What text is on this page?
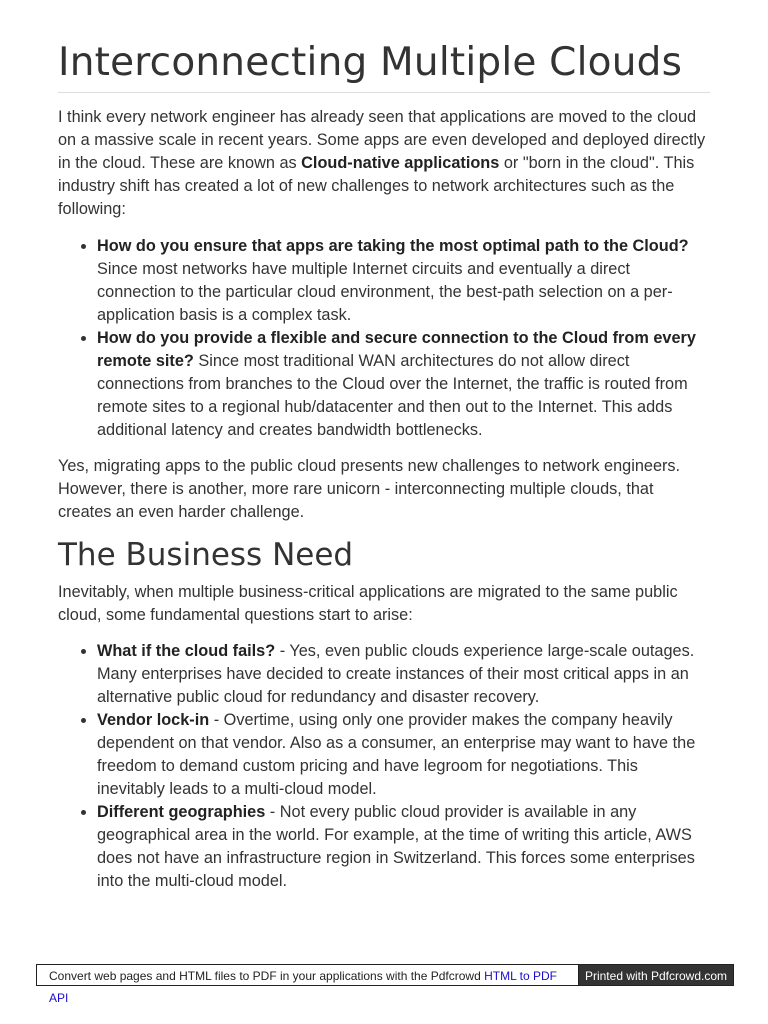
Interconnecting Multiple Clouds

I think every network engineer has already seen that applications are moved to the cloud on a massive scale in recent years. Some apps are even developed and deployed directly in the cloud. These are known as Cloud-native applications or "born in the cloud". This industry shift has created a lot of new challenges to network architectures such as the following:

• How do you ensure that apps are taking the most optimal path to the Cloud? Since most networks have multiple Internet circuits and eventually a direct connection to the particular cloud environment, the best-path selection on a per-application basis is a complex task.
• How do you provide a flexible and secure connection to the Cloud from every remote site? Since most traditional WAN architectures do not allow direct connections from branches to the Cloud over the Internet, the traffic is routed from remote sites to a regional hub/datacenter and then out to the Internet. This adds additional latency and creates bandwidth bottlenecks.

Yes, migrating apps to the public cloud presents new challenges to network engineers. However, there is another, more rare unicorn - interconnecting multiple clouds, that creates an even harder challenge.

The Business Need

Inevitably, when multiple business-critical applications are migrated to the same public cloud, some fundamental questions start to arise:

• What if the cloud fails? - Yes, even public clouds experience large-scale outages. Many enterprises have decided to create instances of their most critical apps in an alternative public cloud for redundancy and disaster recovery.
• Vendor lock-in - Overtime, using only one provider makes the company heavily dependent on that vendor. Also as a consumer, an enterprise may want to have the freedom to demand custom pricing and have legroom for negotiations. This inevitably leads to a multi-cloud model.
• Different geographies - Not every public cloud provider is available in any geographical area in the world. For example, at the time of writing this article, AWS does not have an infrastructure region in Switzerland. This forces some enterprises into the multi-cloud model.
Convert web pages and HTML files to PDF in your applications with the Pdfcrowd HTML to PDF API
Printed with Pdfcrowd.com
